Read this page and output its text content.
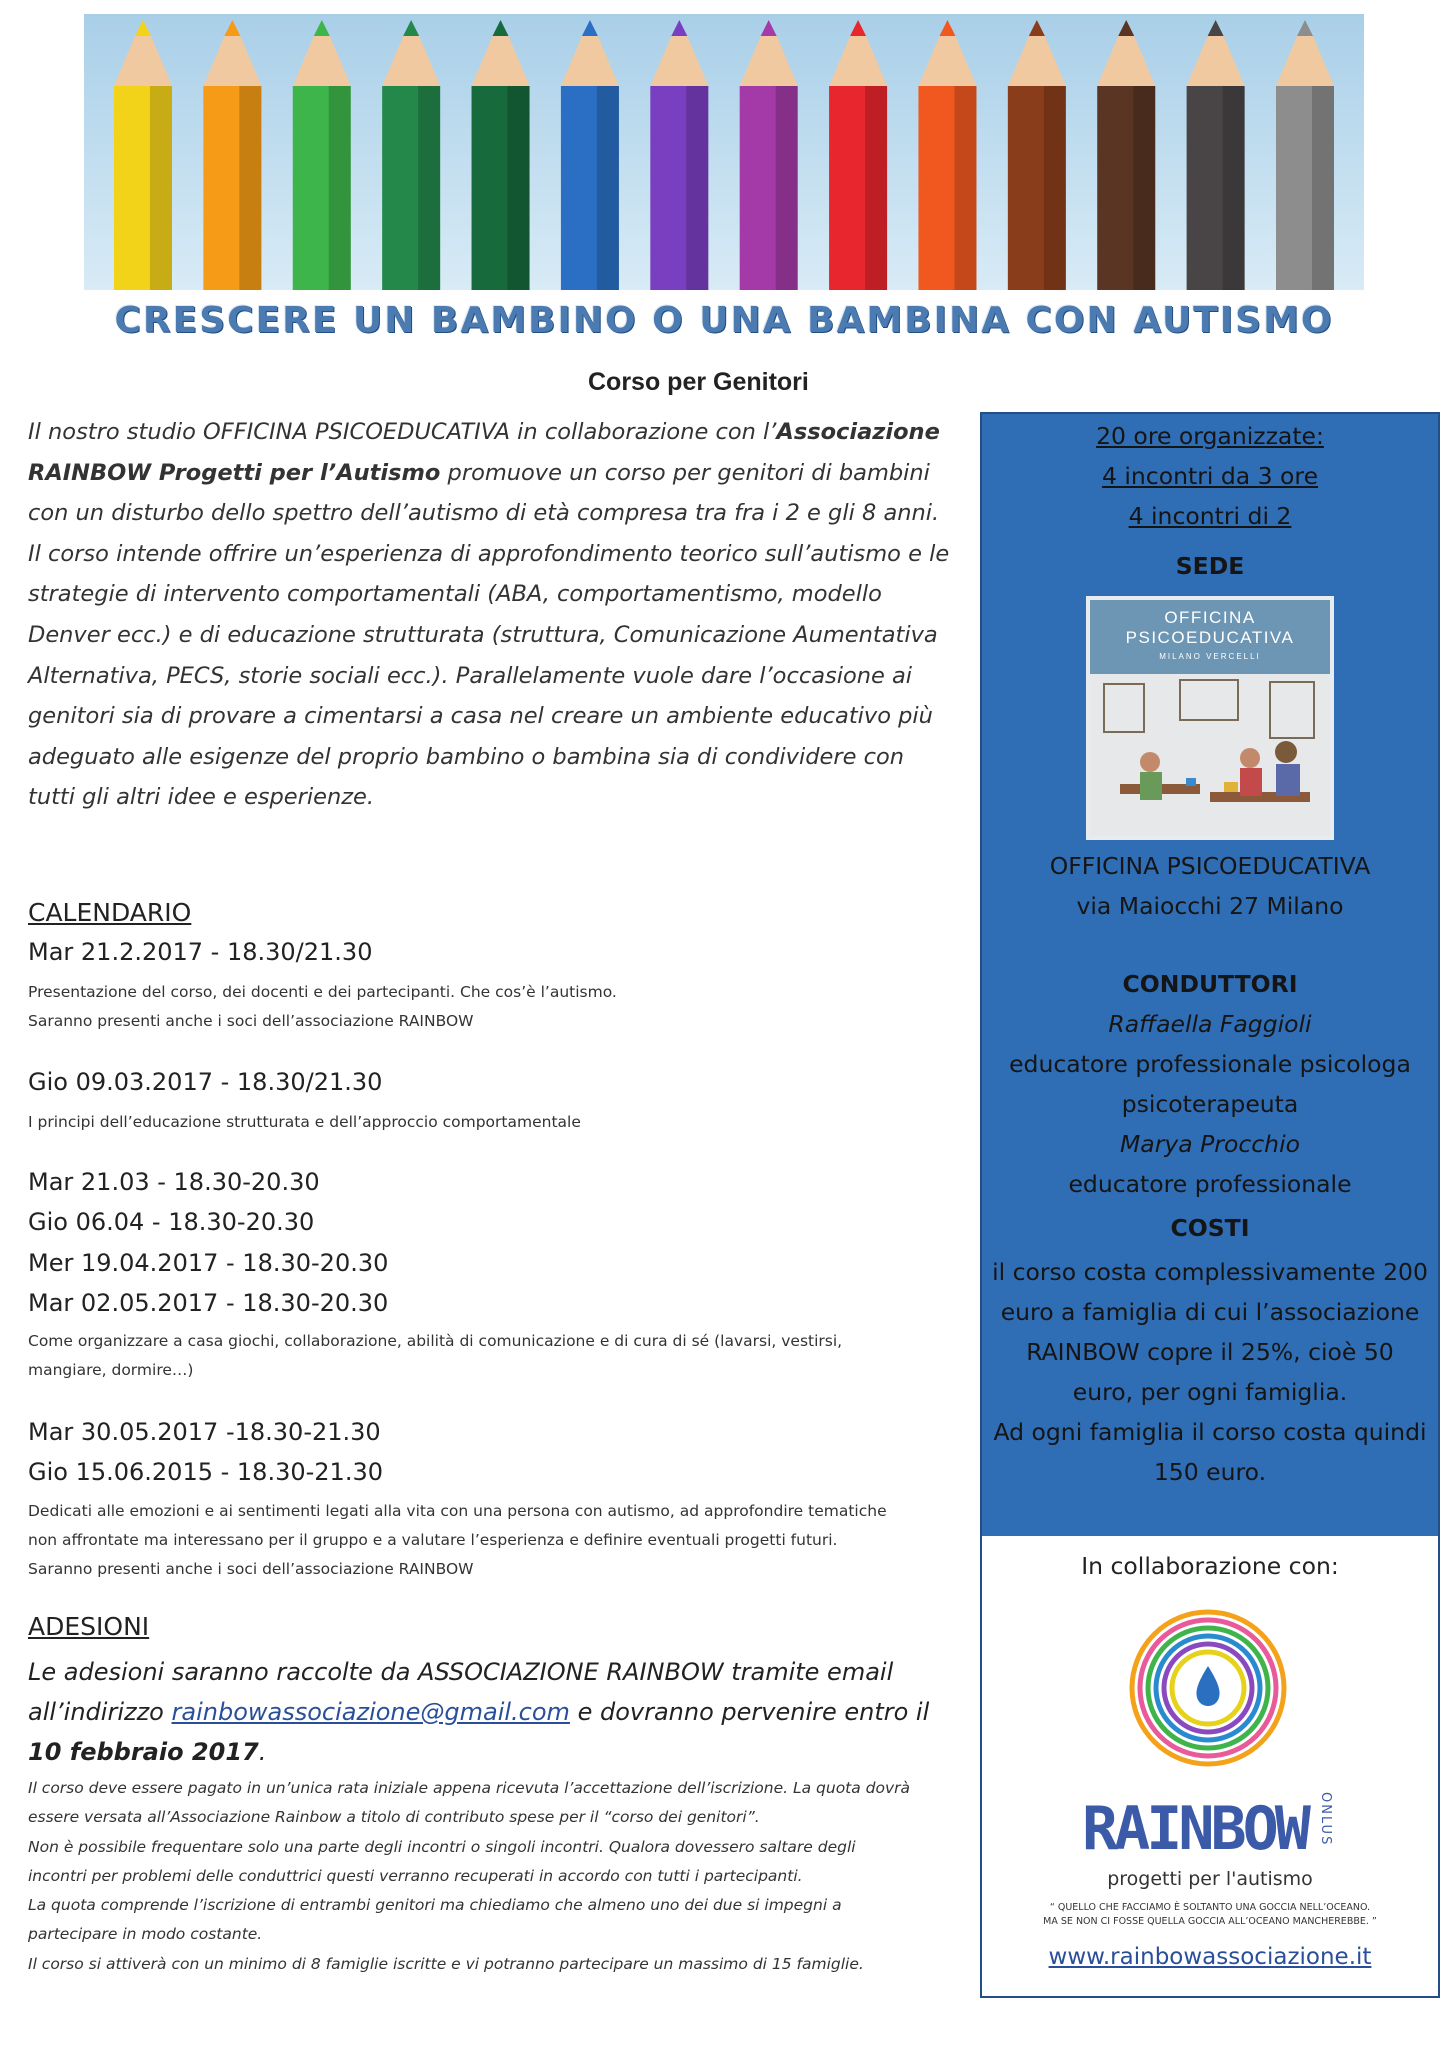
CRESCERE UN BAMBINO O UNA BAMBINA CON AUTISMO
Corso per Genitori
Il nostro studio OFFICINA PSICOEDUCATIVA in collaborazione con l’Associazione RAINBOW Progetti per l’Autismo promuove un corso per genitori di bambini con un disturbo dello spettro dell’autismo di età compresa tra fra i 2 e gli 8 anni.
Il corso intende offrire un’esperienza di approfondimento teorico sull’autismo e le strategie di intervento comportamentali (ABA, comportamentismo, modello Denver ecc.) e di educazione strutturata (struttura, Comunicazione Aumentativa Alternativa, PECS, storie sociali ecc.). Parallelamente vuole dare l’occasione ai genitori sia di provare a cimentarsi a casa nel creare un ambiente educativo più adeguato alle esigenze del proprio bambino o bambina sia di condividere con tutti gli altri idee e esperienze.
CALENDARIO
Mar 21.2.2017 - 18.30/21.30
Presentazione del corso, dei docenti e dei partecipanti. Che cos’è l’autismo.
Saranno presenti anche i soci dell’associazione RAINBOW
Gio 09.03.2017 - 18.30/21.30
I principi dell’educazione strutturata e dell’approccio comportamentale
Mar 21.03 - 18.30-20.30
Gio 06.04 - 18.30-20.30
Mer 19.04.2017 - 18.30-20.30
Mar 02.05.2017 - 18.30-20.30
Come organizzare a casa giochi, collaborazione, abilità di comunicazione e di cura di sé (lavarsi, vestirsi,
mangiare, dormire…)
Mar 30.05.2017 -18.30-21.30
Gio 15.06.2015 - 18.30-21.30
Dedicati alle emozioni e ai sentimenti legati alla vita con una persona con autismo, ad approfondire tematiche
non affrontate ma interessano per il gruppo e a valutare l’esperienza e definire eventuali progetti futuri.
Saranno presenti anche i soci dell’associazione RAINBOW
ADESIONI
Le adesioni saranno raccolte da ASSOCIAZIONE RAINBOW tramite email all’indirizzo rainbowassociazione@gmail.com e dovranno pervenire entro il 10 febbraio 2017.
Il corso deve essere pagato in un’unica rata iniziale appena ricevuta l’accettazione dell’iscrizione. La quota dovrà
essere versata all’Associazione Rainbow a titolo di contributo spese per il “corso dei genitori”.
Non è possibile frequentare solo una parte degli incontri o singoli incontri. Qualora dovessero saltare degli
incontri per problemi delle conduttrici questi verranno recuperati in accordo con tutti i partecipanti.
La quota comprende l’iscrizione di entrambi genitori ma chiediamo che almeno uno dei due si impegni a
partecipare in modo costante.
Il corso si attiverà con un minimo di 8 famiglie iscritte e vi potranno partecipare un massimo di 15 famiglie.
20 ore organizzate:
4 incontri da 3 ore
4 incontri di 2
SEDE
OFFICINA
PSICOEDUCATIVA
MILANO VERCELLI
OFFICINA PSICOEDUCATIVA
via Maiocchi 27 Milano
CONDUTTORI
Raffaella Faggioli
educatore professionale psicologa
psicoterapeuta
Marya Procchio
educatore professionale
COSTI
il corso costa complessivamente 200
euro a famiglia di cui l’associazione
RAINBOW copre il 25%, cioè 50
euro, per ogni famiglia.
Ad ogni famiglia il corso costa quindi
150 euro.
In collaborazione con:
RAINBOW ONLUS
progetti per l'autismo
“ QUELLO CHE FACCIAMO È SOLTANTO UNA GOCCIA NELL’OCEANO.
MA SE NON CI FOSSE QUELLA GOCCIA ALL’OCEANO MANCHEREBBE. ”
www.rainbowassociazione.it
